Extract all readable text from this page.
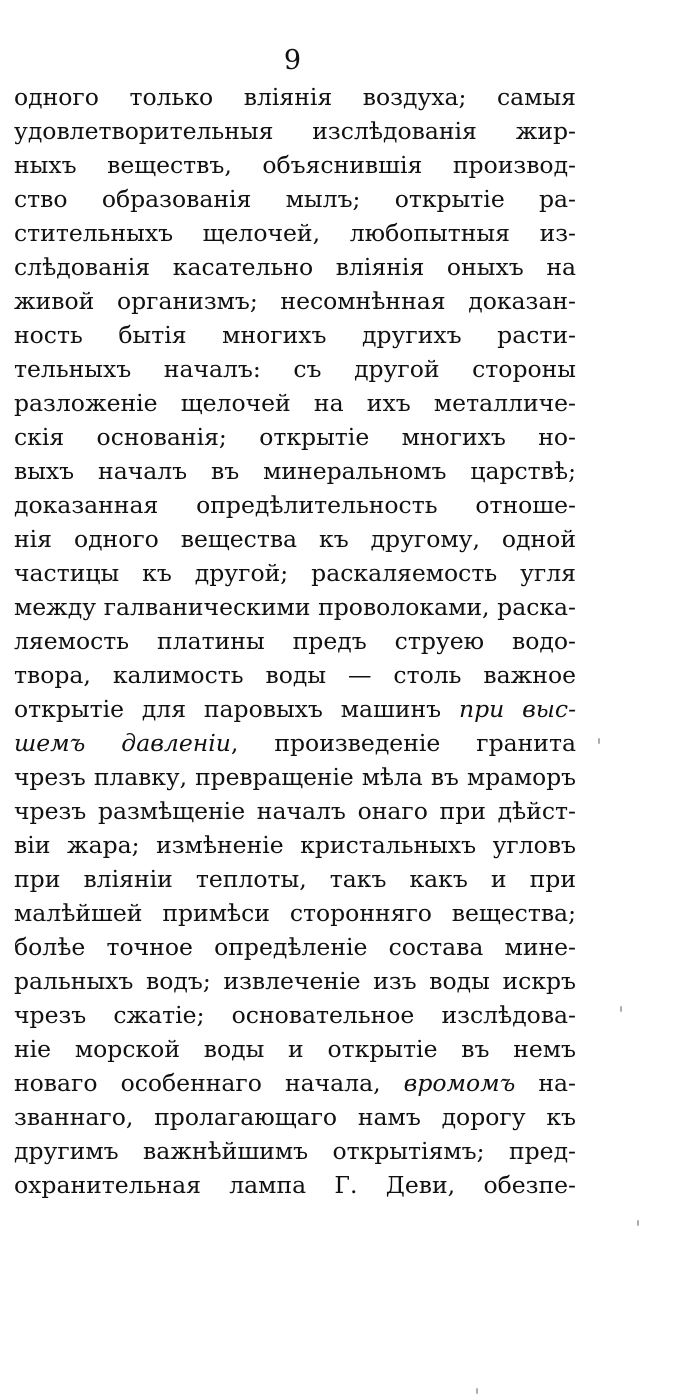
9
одного только вліянія воздуха; самыя
удовлетворительныя изслѣдованія жир-
ныхъ веществъ, объяснившія производ-
ство образованія мылъ; открытіе ра-
стительныхъ щелочей, любопытныя из-
слѣдованія касательно вліянія оныхъ на
живой организмъ; несомнѣнная доказан-
ность бытія многихъ другихъ расти-
тельныхъ началъ: съ другой стороны
разложеніе щелочей на ихъ металличе-
скія основанія; открытіе многихъ но-
выхъ началъ въ минеральномъ царствѣ;
доказанная опредѣлительность отноше-
нія одного вещества къ другому, одной
частицы къ другой; раскаляемость угля
между галваническими проволоками, раска-
ляемость платины предъ струею водо-
твора, калимость воды — столь важное
открытіе для паровыхъ машинъ при выс-
шемъ давленіи, произведеніе гранита
чрезъ плавку, превращеніе мѣла въ мраморъ
чрезъ размѣщеніе началъ онаго при дѣйст-
віи жара; измѣненіе кристальныхъ угловъ
при вліяніи теплоты, такъ какъ и при
малѣйшей примѣси сторонняго вещества;
болѣе точное опредѣленіе состава мине-
ральныхъ водъ; извлеченіе изъ воды искръ
чрезъ сжатіе; основательное изслѣдова-
ніе морской воды и открытіе въ немъ
новаго особеннаго начала, вромомъ на-
званнаго, пролагающаго намъ дорогу къ
другимъ важнѣйшимъ открытіямъ; пред-
охранительная лампа Г. Деви, обезпе-
